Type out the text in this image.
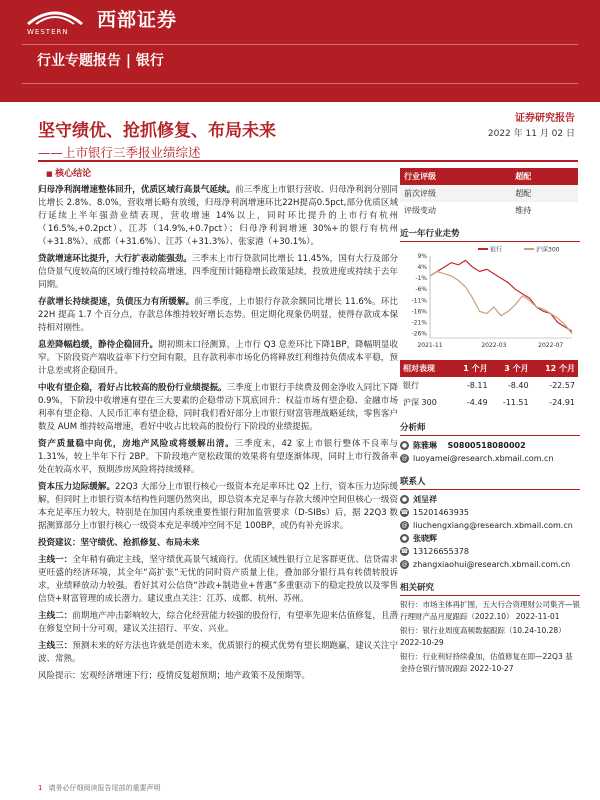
WESTERN
西部证券
行业专题报告 | 银行
坚守绩优、抢抓修复、布局未来
——上市银行三季报业绩综述
证券研究报告
2022 年 11 月 02 日
■ 核心结论
归母净利润增速整体回升，优质区域行高景气延续。前三季度上市银行营收、归母净利润分别同比增长 2.8%、8.0%，营收增长略有放缓，归母净利润增速环比22H提高0.5pct,部分优质区域行延续上半年强劲业绩表现，营收增速 14%以上，同时环比提升的上市行有杭州（16.5%,+0.2pct）、江苏（14.9%,+0.7pct）；归母净利润增速 30%+的银行有杭州（+31.8%）、成都（+31.6%）、江苏（+31.3%）、张家港（+30.1%）。
贷款增速环比提升，大行扩表动能强劲。三季末上市行贷款同比增长 11.45%，国有大行及部分信贷景气度较高的区域行维持较高增速，四季度预计随稳增长政策延续，投放进度或持续于去年同期。
存款增长持续提速，负债压力有所缓解。前三季度，上市银行存款余额同比增长 11.6%。环比 22H 提高 1.7 个百分点，存款总体维持较好增长态势。但定期化现象仍明显，使得存款成本保持相对刚性。
息差降幅趋缓，静待企稳回升。期初期末口径测算，上市行 Q3 息差环比下降1BP，降幅明显收窄。下阶段资产端收益率下行空间有限，且存款利率市场化仍将释放红利维持负债成本平稳，预计息差或将企稳回升。
中收有望企稳，看好占比较高的股份行业绩提振。三季度上市银行手续费及佣金净收入同比下降 0.9%，下阶段中收增速有望在三大要素的企稳带动下筑底回升：权益市场有望企稳、金融市场利率有望企稳、人民币汇率有望企稳，同时我们看好部分上市银行财富管理战略延续，零售客户数及 AUM 维持较高增速，看好中收占比较高的股份行下阶段的业绩提振。
资产质量稳中向优，房地产风险或将缓解出清。三季度末，42 家上市银行整体不良率与 1.31%，较上半年下行 2BP。下阶段地产宽松政策的效果将有望逐渐体现，同时上市行拨备率处在较高水平，预期涉房风险将持续缓释。
资本压力边际缓解。22Q3 大部分上市银行核心一级资本充足率环比 Q2 上行，资本压力边际缓解，但同时上市银行资本结构性问题仍然突出，即总资本充足率与存款大缓冲空间但核心一级资本充足率压力较大，特别是在加国内系统重要性银行附加监管要求（D-SIBs）后，据 22Q3 数据测算部分上市银行核心一级资本充足率缓冲空间不足 100BP，或仍有补充诉求。
投资建议：坚守绩优、抢抓修复、布局未来
主线一：全年稍有确定主线，坚守绩优高景气城商行。优质区域性银行立足客群更优、信贷需求更旺盛的经济环境，其全年“高扩张”无忧的同时资产质量上佳，叠加部分银行具有转债转股诉求，业绩释放动力较强。看好其对公信贷“涉政+制造业+普惠”多重驱动下的稳定投放以及零售信贷+财富管理的成长潜力。建议重点关注：江苏、成都、杭州、苏州。
主线二：前期地产冲击影响较大，综合化经营能力较强的股份行，有望率先迎来估值修复，且潜在修复空间十分可观，建议关注招行、平安、兴业。
主线三：预测未来的好方法也许就是创造未来，优质银行的模式优势有望长期跑赢，建议关注宁波、常熟。
风险提示：宏观经济增速下行；疫情反复超预期；地产政策不及预期等。
行业评级	超配
前次评级	超配
评级变动	维持
近一年行业走势
银行	沪深300
9%
4%
-1%
-6%
-11%
-16%
-21%
-26%
2021-11	2022-03	2022-07
相对表现	1 个月	3 个月	12 个月
银行	-8.11	-8.40	-22.57
沪深 300	-4.49	-11.51	-24.91
分析师
● 陈雅琳
S0800518080002
@ luoyamei@research.xbmail.com.cn
联系人
● 刘呈祥
☎ 15201463935
@ liuchengxiang@research.xbmail.com.cn
● 张晓辉
☎ 13126655378
@ zhangxiaohui@research.xbmail.com.cn
相关研究
银行：市场主体再扩围，五大行合资理财公司集齐—银行理财产品月度跟踪（2022.10） 2022-11-01
银行：银行业周度高频数据跟踪（10.24-10.28） 2022-10-29
银行：行业利好持续叠加，估值修复在即—22Q3 基金持仓银行情况跟踪 2022-10-27
1 请务必仔细阅读报告尾部的重要声明
